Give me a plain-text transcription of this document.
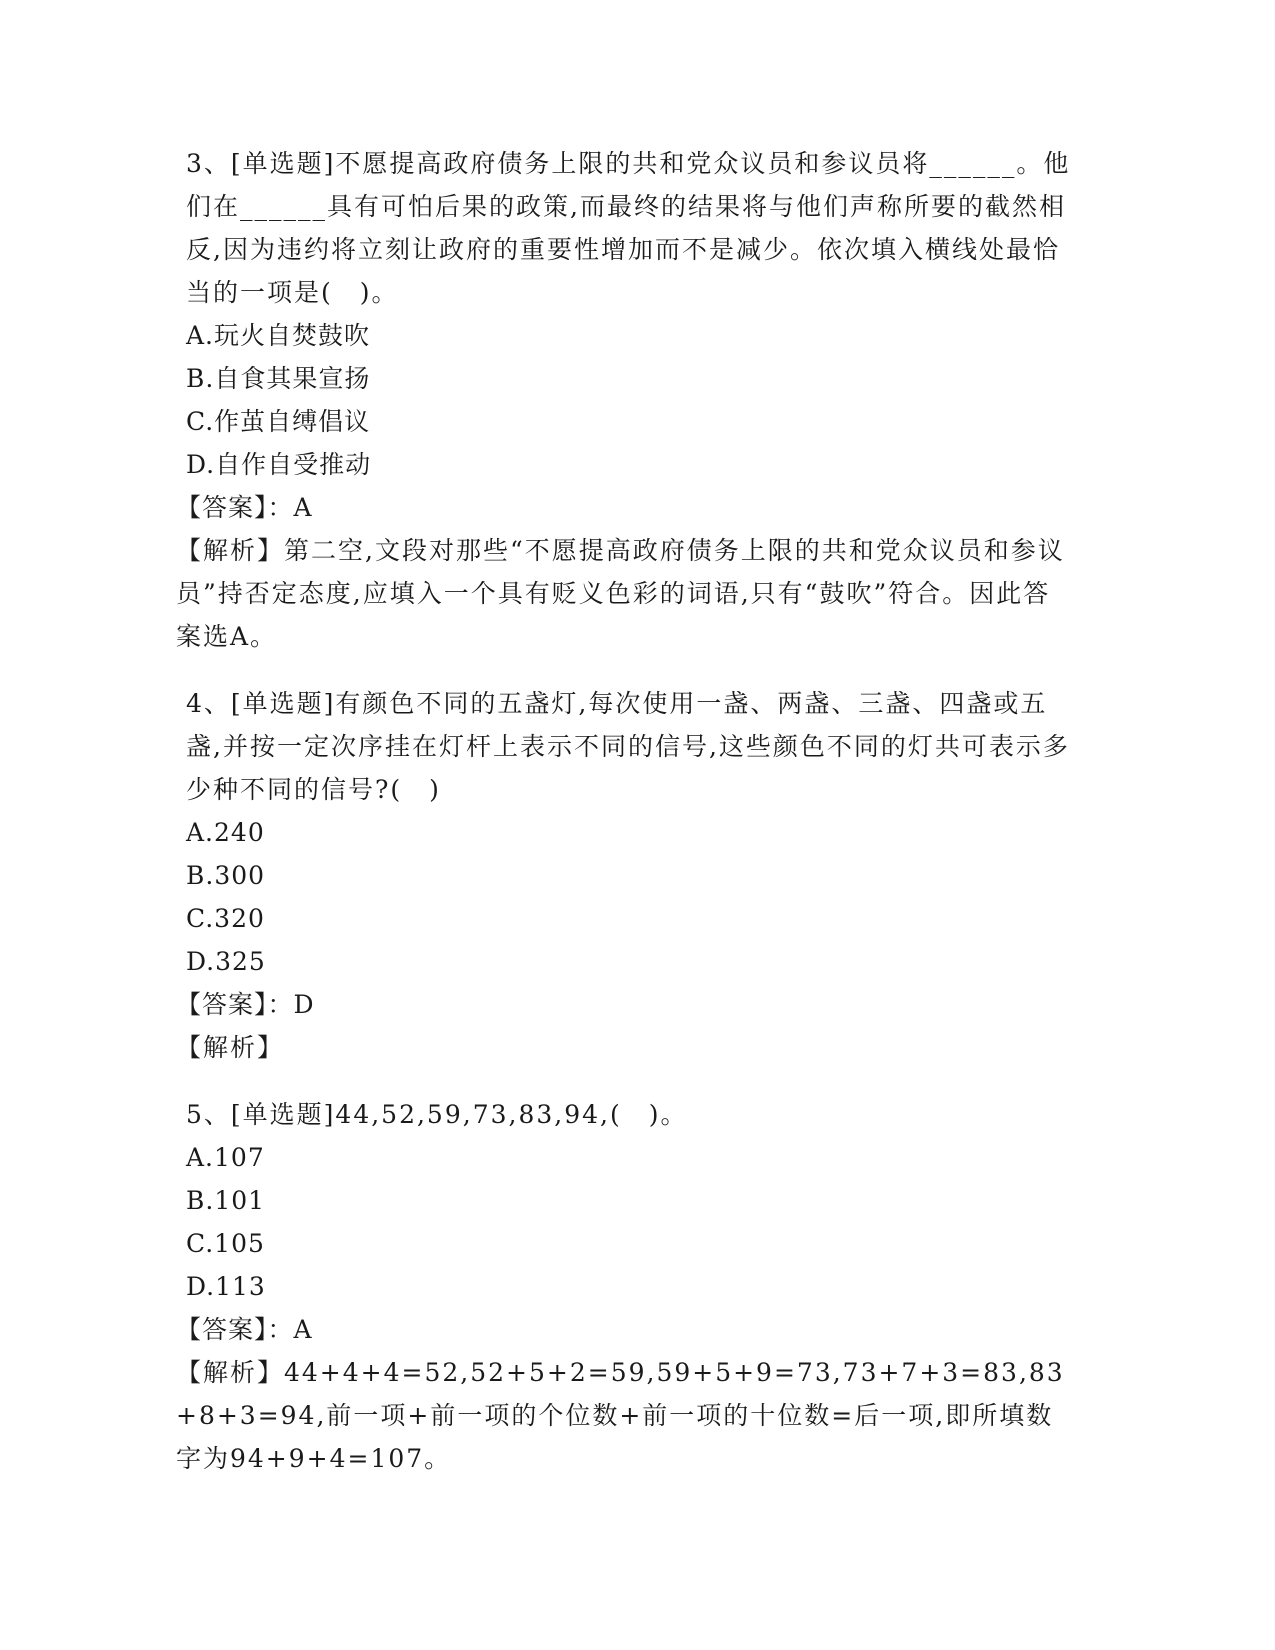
3、[单选题]不愿提高政府债务上限的共和党众议员和参议员将______。他们在______具有可怕后果的政策,而最终的结果将与他们声称所要的截然相反,因为违约将立刻让政府的重要性增加而不是减少。依次填入横线处最恰当的一项是(　)。

A.玩火自焚鼓吹

B.自食其果宣扬

C.作茧自缚倡议

D.自作自受推动

【答案】：A

【解析】第二空,文段对那些“不愿提高政府债务上限的共和党众议员和参议员”持否定态度,应填入一个具有贬义色彩的词语,只有“鼓吹”符合。因此答案选A。

4、[单选题]有颜色不同的五盏灯,每次使用一盏、两盏、三盏、四盏或五盏,并按一定次序挂在灯杆上表示不同的信号,这些颜色不同的灯共可表示多少种不同的信号?(　)

A.240

B.300

C.320

D.325

【答案】：D

【解析】

5、[单选题]44,52,59,73,83,94,(　)。

A.107

B.101

C.105

D.113

【答案】：A

【解析】44+4+4=52,52+5+2=59,59+5+9=73,73+7+3=83,83+8+3=94,前一项+前一项的个位数+前一项的十位数=后一项,即所填数字为94+9+4=107。
